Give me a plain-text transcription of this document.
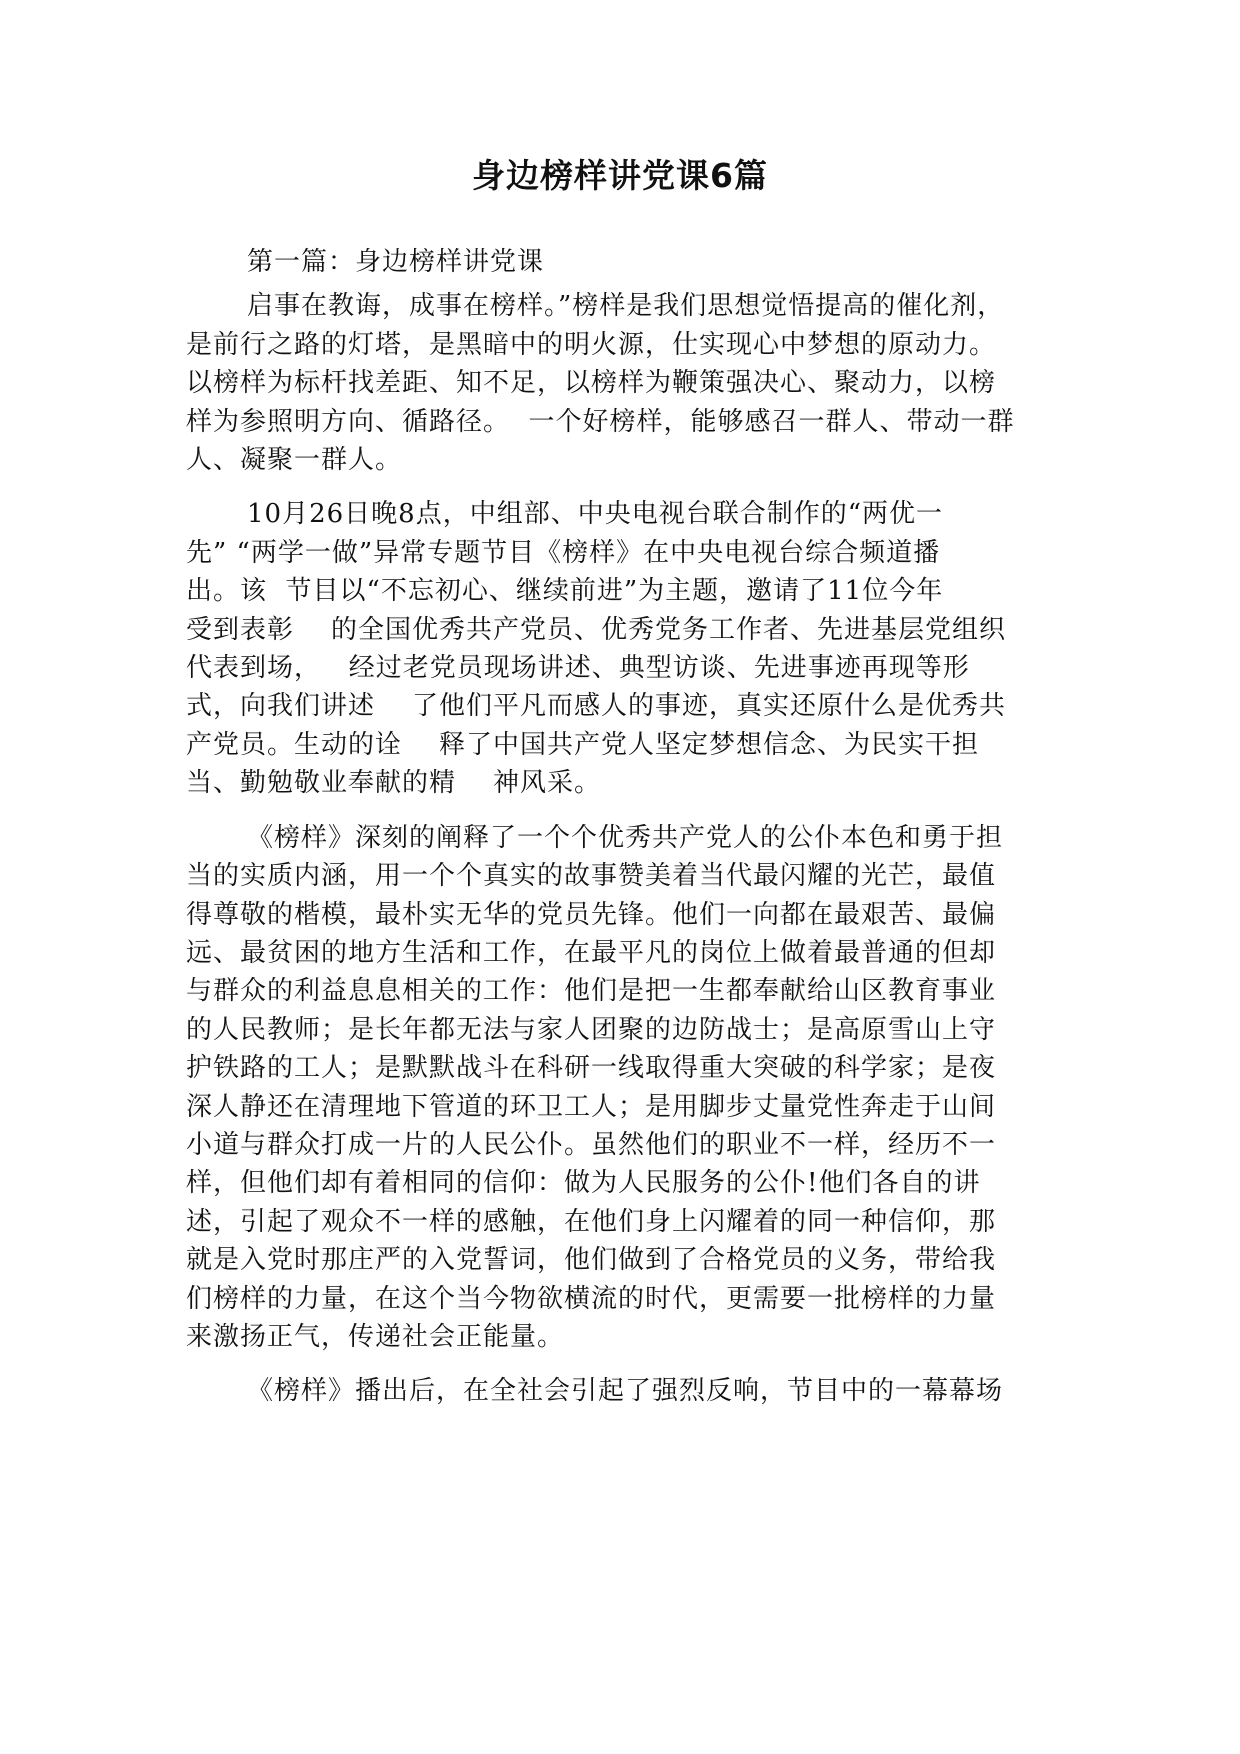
身边榜样讲党课6篇
第一篇：身边榜样讲党课
启事在教诲，成事在榜样。”榜样是我们思想觉悟提高的催化剂，
是前行之路的灯塔，是黑暗中的明火源，仕实现心中梦想的原动力。
以榜样为标杆找差距、知不足，以榜样为鞭策强决心、聚动力，以榜
样为参照明方向、循路径。  一个好榜样，能够感召一群人、带动一群
人、凝聚一群人。
10月26日晚8点，中组部、中央电视台联合制作的“两优一
先” “两学一做”异常专题节目《榜样》在中央电视台综合频道播
出。该  节目以“不忘初心、继续前进”为主题，邀请了11位今年
受到表彰    的全国优秀共产党员、优秀党务工作者、先进基层党组织
代表到场，   经过老党员现场讲述、典型访谈、先进事迹再现等形
式，向我们讲述    了他们平凡而感人的事迹，真实还原什么是优秀共
产党员。生动的诠    释了中国共产党人坚定梦想信念、为民实干担
当、勤勉敬业奉献的精    神风采。
《榜样》深刻的阐释了一个个优秀共产党人的公仆本色和勇于担
当的实质内涵，用一个个真实的故事赞美着当代最闪耀的光芒，最值
得尊敬的楷模，最朴实无华的党员先锋。他们一向都在最艰苦、最偏
远、最贫困的地方生活和工作，在最平凡的岗位上做着最普通的但却
与群众的利益息息相关的工作：他们是把一生都奉献给山区教育事业
的人民教师；是长年都无法与家人团聚的边防战士；是高原雪山上守
护铁路的工人；是默默战斗在科研一线取得重大突破的科学家；是夜
深人静还在清理地下管道的环卫工人；是用脚步丈量党性奔走于山间
小道与群众打成一片的人民公仆。虽然他们的职业不一样，经历不一
样，但他们却有着相同的信仰：做为人民服务的公仆!他们各自的讲
述，引起了观众不一样的感触，在他们身上闪耀着的同一种信仰，那
就是入党时那庄严的入党誓词，他们做到了合格党员的义务，带给我
们榜样的力量，在这个当今物欲横流的时代，更需要一批榜样的力量
来激扬正气，传递社会正能量。
《榜样》播出后，在全社会引起了强烈反响，节目中的一幕幕场
